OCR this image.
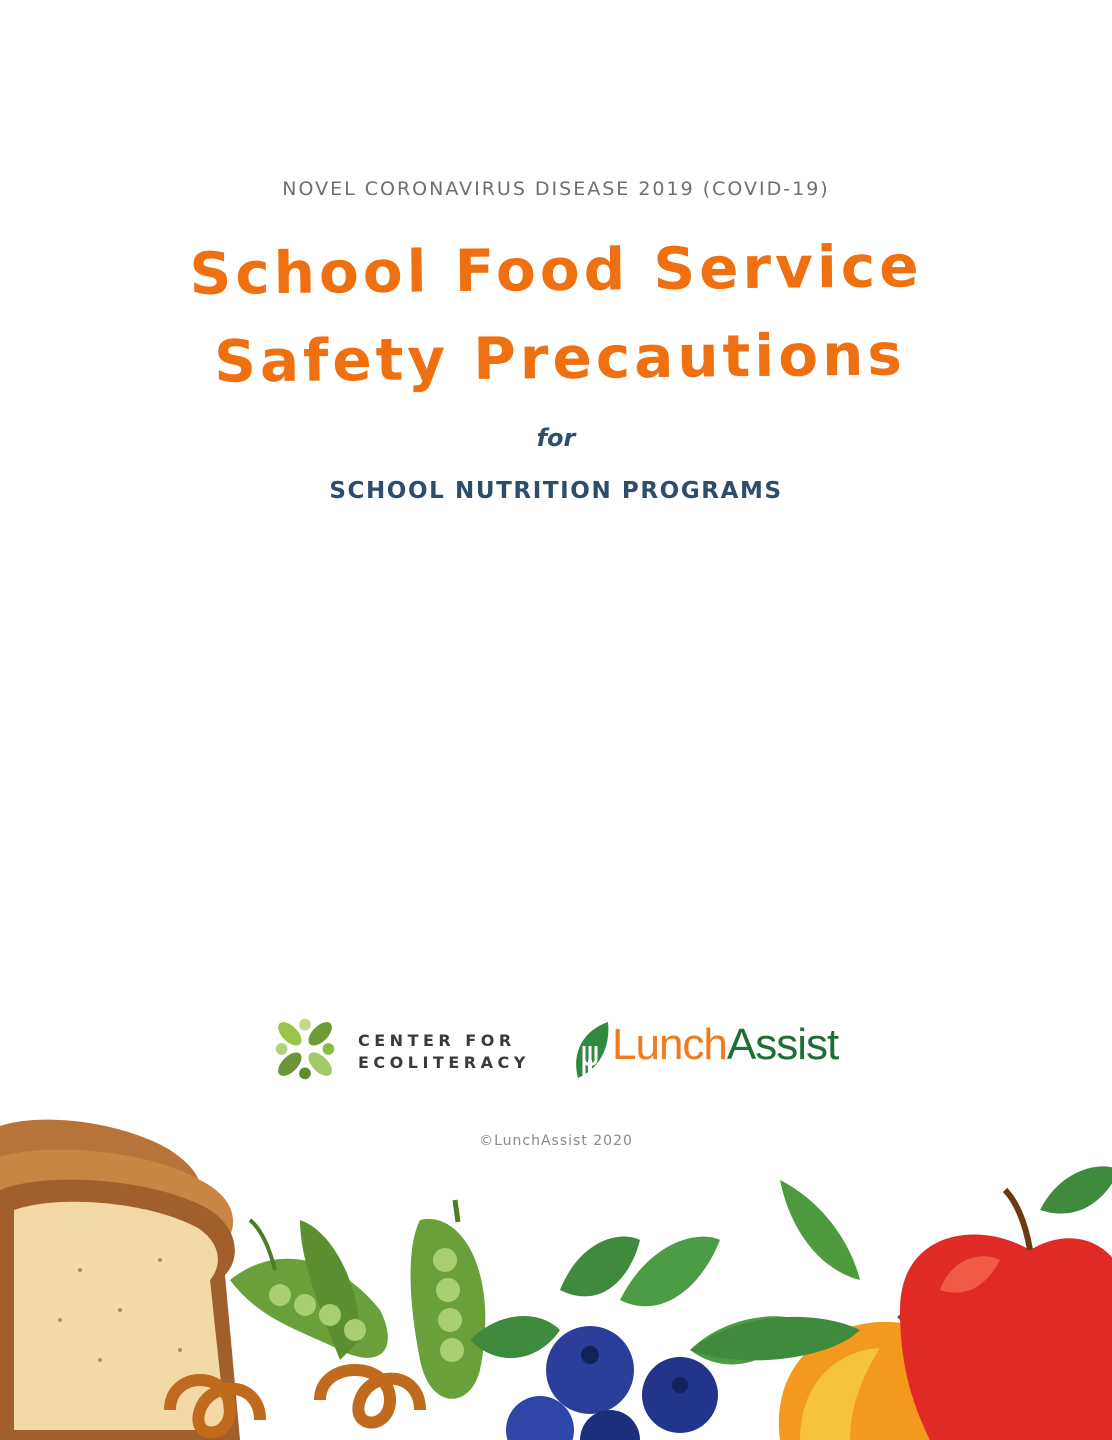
NOVEL CORONAVIRUS DISEASE 2019 (COVID-19)
School Food Service
Safety Precautions
for
SCHOOL NUTRITION PROGRAMS
CENTER FOR
ECOLITERACY LunchAssist
©LunchAssist 2020
